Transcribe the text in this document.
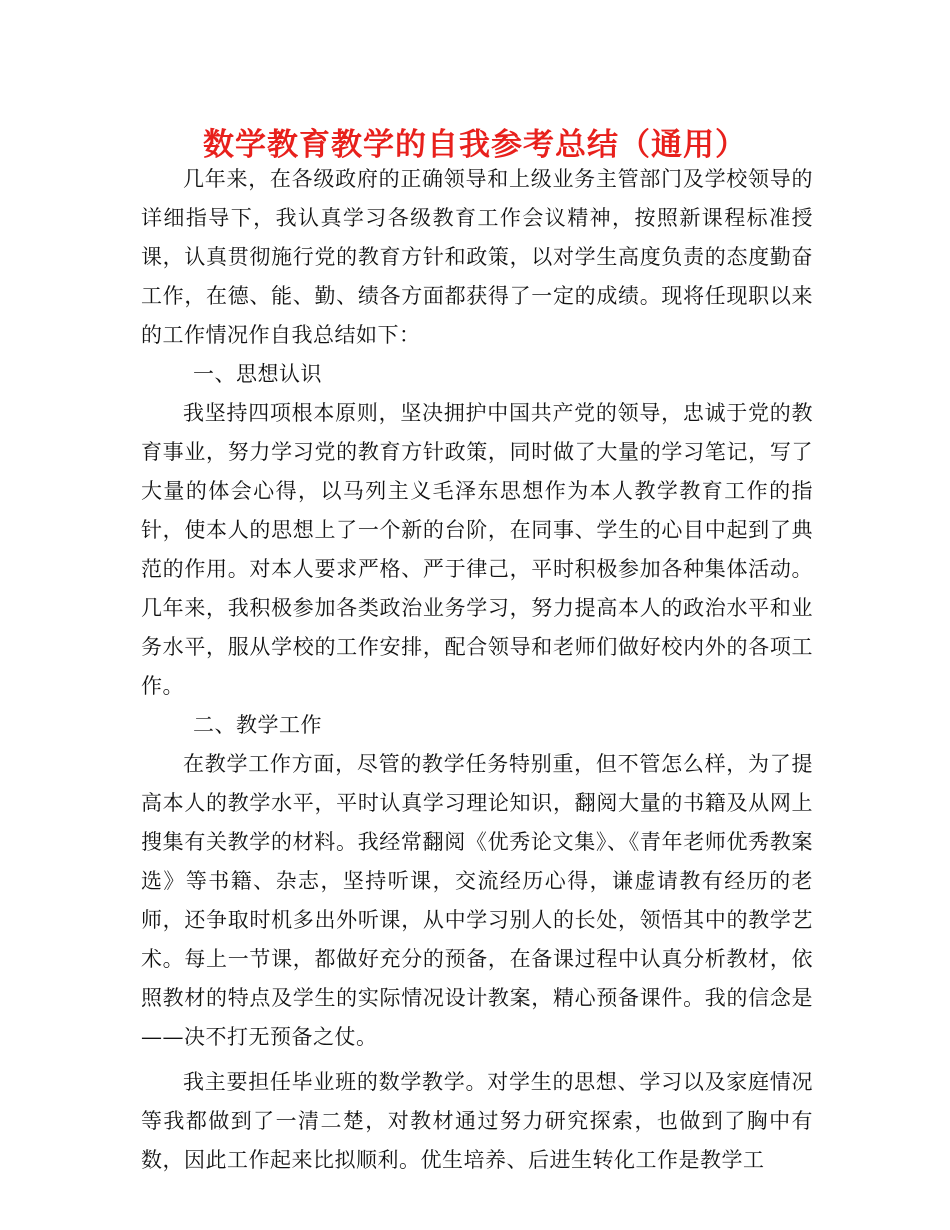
数学教育教学的自我参考总结（通用）

几年来，在各级政府的正确领导和上级业务主管部门及学校领导的详细指导下，我认真学习各级教育工作会议精神，按照新课程标准授课，认真贯彻施行党的教育方针和政策，以对学生高度负责的态度勤奋工作，在德、能、勤、绩各方面都获得了一定的成绩。现将任现职以来的工作情况作自我总结如下：

一、思想认识

我坚持四项根本原则，坚决拥护中国共产党的领导，忠诚于党的教育事业，努力学习党的教育方针政策，同时做了大量的学习笔记，写了大量的体会心得，以马列主义毛泽东思想作为本人教学教育工作的指针，使本人的思想上了一个新的台阶，在同事、学生的心目中起到了典范的作用。对本人要求严格、严于律己，平时积极参加各种集体活动。几年来，我积极参加各类政治业务学习，努力提高本人的政治水平和业务水平，服从学校的工作安排，配合领导和老师们做好校内外的各项工作。

二、教学工作

在教学工作方面，尽管的教学任务特别重，但不管怎么样，为了提高本人的教学水平，平时认真学习理论知识，翻阅大量的书籍及从网上搜集有关教学的材料。我经常翻阅《优秀论文集》、《青年老师优秀教案选》等书籍、杂志，坚持听课，交流经历心得，谦虚请教有经历的老师，还争取时机多出外听课，从中学习别人的长处，领悟其中的教学艺术。每上一节课，都做好充分的预备，在备课过程中认真分析教材，依照教材的特点及学生的实际情况设计教案，精心预备课件。我的信念是——决不打无预备之仗。

我主要担任毕业班的数学教学。对学生的思想、学习以及家庭情况等我都做到了一清二楚，对教材通过努力研究探索，也做到了胸中有数，因此工作起来比拟顺利。优生培养、后进生转化工作是教学工
